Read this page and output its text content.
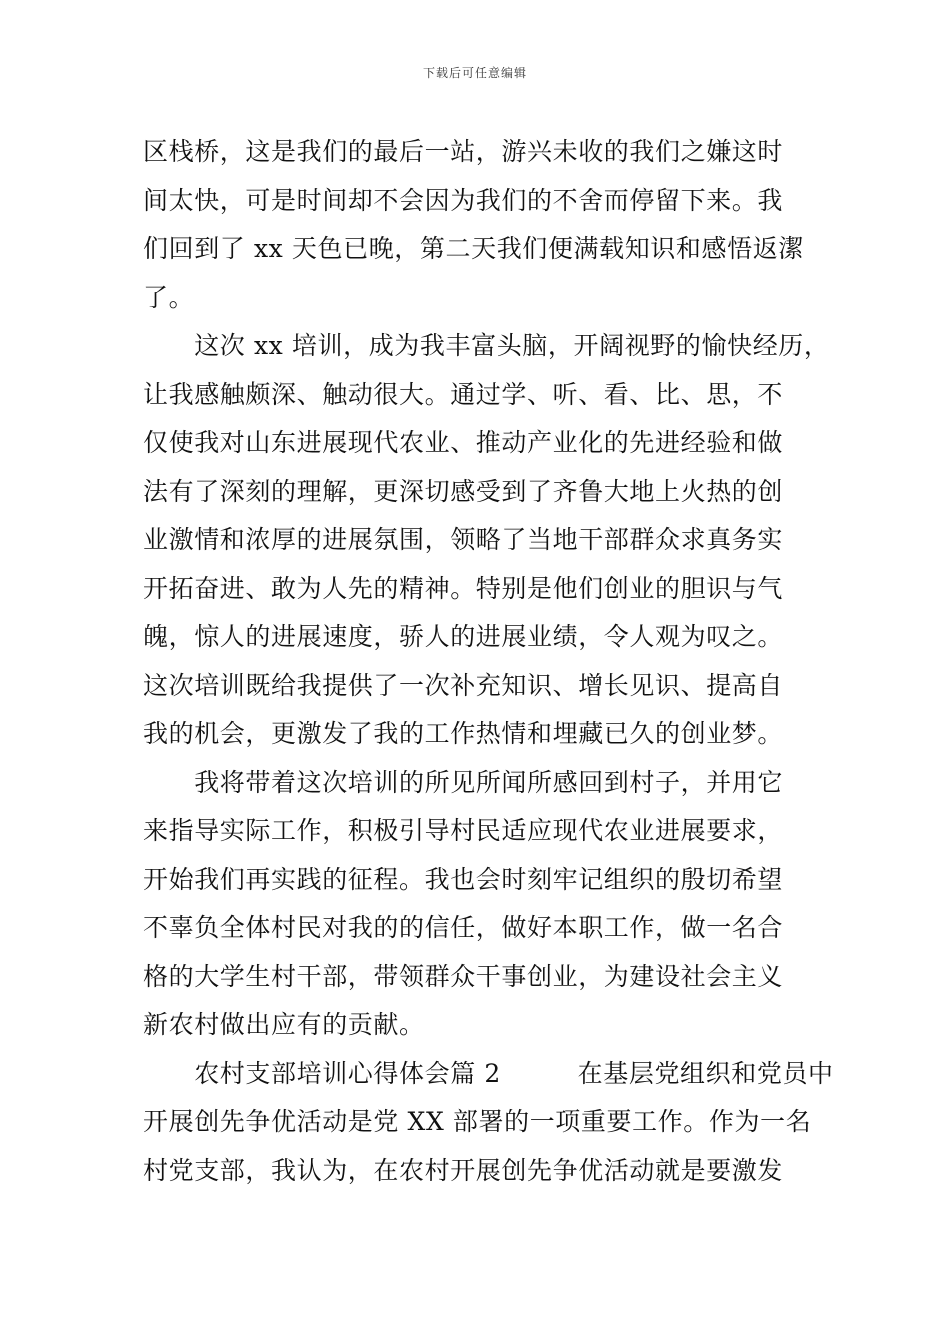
下载后可任意编辑
区栈桥，这是我们的最后一站，游兴未收的我们之嫌这时
间太快，可是时间却不会因为我们的不舍而停留下来。我
们回到了 xx 天色已晚，第二天我们便满载知识和感悟返潔
了。
　　这次 xx 培训，成为我丰富头脑，开阔视野的愉快经历，
让我感触颇深、触动很大。通过学、听、看、比、思，不
仅使我对山东进展现代农业、推动产业化的先进经验和做
法有了深刻的理解，更深切感受到了齐鲁大地上火热的创
业激情和浓厚的进展氛围，领略了当地干部群众求真务实
开拓奋进、敢为人先的精神。特别是他们创业的胆识与气
魄，惊人的进展速度，骄人的进展业绩，令人观为叹之。
这次培训既给我提供了一次补充知识、增长见识、提高自
我的机会，更激发了我的工作热情和埋藏已久的创业梦。
　　我将带着这次培训的所见所闻所感回到村子，并用它
来指导实际工作，积极引导村民适应现代农业进展要求，
开始我们再实践的征程。我也会时刻牢记组织的殷切希望
不辜负全体村民对我的的信任，做好本职工作，做一名合
格的大学生村干部，带领群众干事创业，为建设社会主义
新农村做出应有的贡献。
　　农村支部培训心得体会篇 2　　　在基层党组织和党员中
开展创先争优活动是党 XX 部署的一项重要工作。作为一名
村党支部，我认为，在农村开展创先争优活动就是要激发
